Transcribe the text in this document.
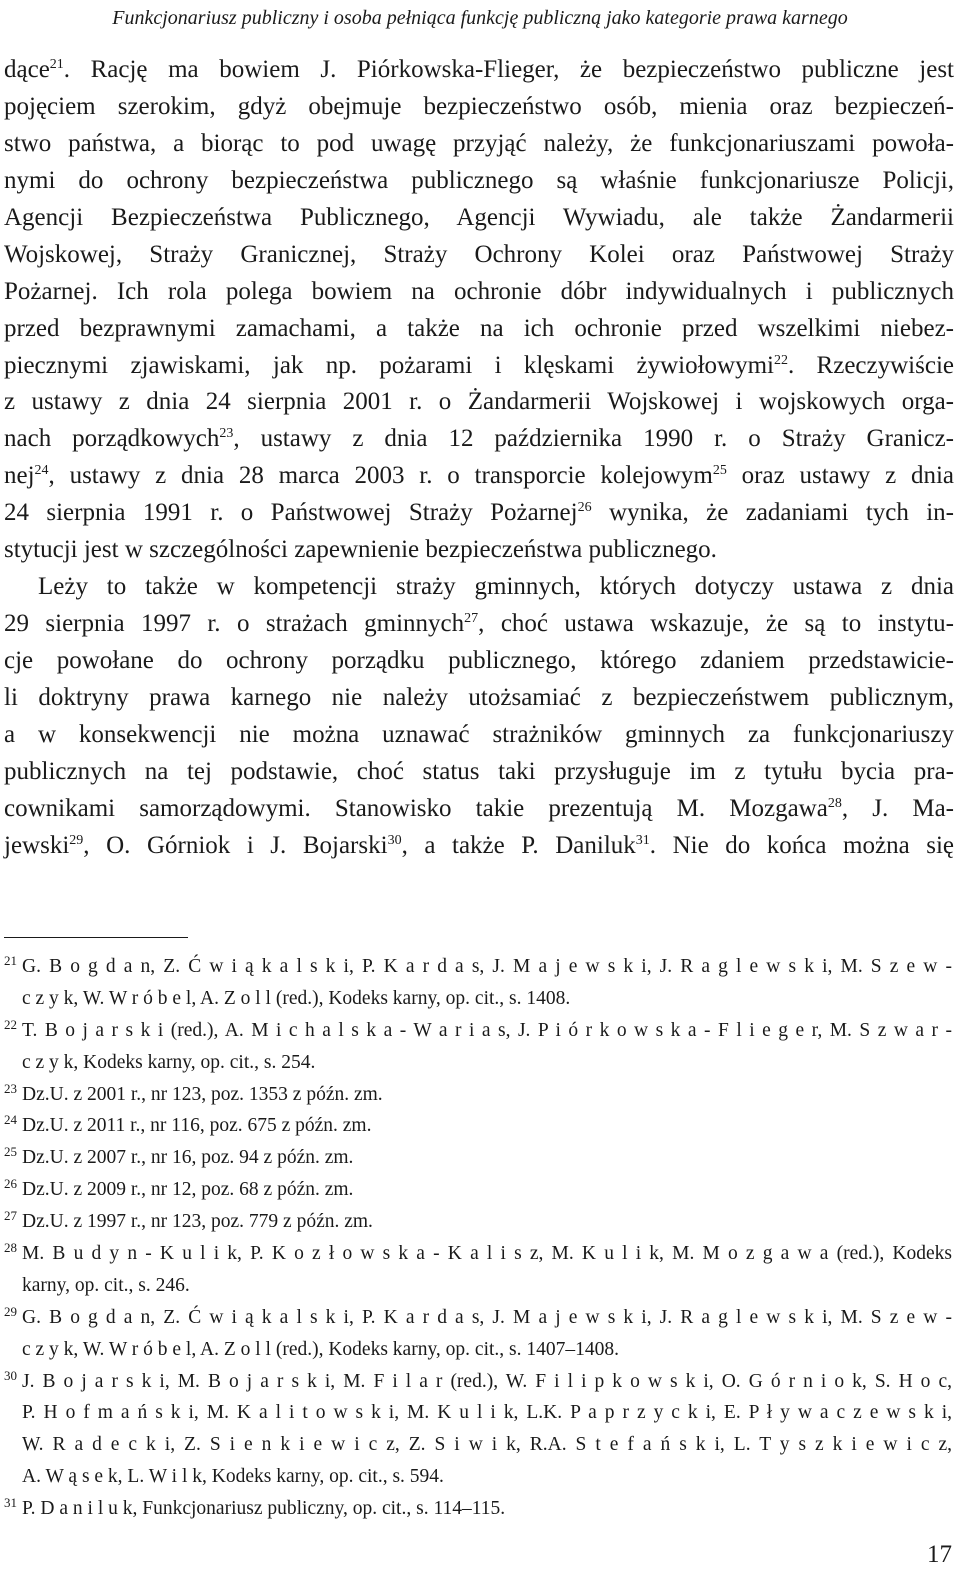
Funkcjonariusz publiczny i osoba pełniąca funkcję publiczną jako kategorie prawa karnego
dące$^{21}$. Rację ma bowiem J. Piórkowska-Flieger, że bezpieczeństwo publiczne jest
pojęciem szerokim, gdyż obejmuje bezpieczeństwo osób, mienia oraz bezpieczeń-
stwo państwa, a biorąc to pod uwagę przyjąć należy, że funkcjonariuszami powoła-
nymi do ochrony bezpieczeństwa publicznego są właśnie funkcjonariusze Policji,
Agencji Bezpieczeństwa Publicznego, Agencji Wywiadu, ale także Żandarmerii
Wojskowej, Straży Granicznej, Straży Ochrony Kolei oraz Państwowej Straży
Pożarnej. Ich rola polega bowiem na ochronie dóbr indywidualnych i publicznych
przed bezprawnymi zamachami, a także na ich ochronie przed wszelkimi niebez-
piecznymi zjawiskami, jak np. pożarami i klęskami żywiołowymi$^{22}$. Rzeczywiście
z ustawy z dnia 24 sierpnia 2001 r. o Żandarmerii Wojskowej i wojskowych orga-
nach porządkowych$^{23}$, ustawy z dnia 12 października 1990 r. o Straży Granicz-
nej$^{24}$, ustawy z dnia 28 marca 2003 r. o transporcie kolejowym$^{25}$ oraz ustawy z dnia
24 sierpnia 1991 r. o Państwowej Straży Pożarnej$^{26}$ wynika, że zadaniami tych in-
stytucji jest w szczególności zapewnienie bezpieczeństwa publicznego.
Leży to także w kompetencji straży gminnych, których dotyczy ustawa z dnia
29 sierpnia 1997 r. o strażach gminnych$^{27}$, choć ustawa wskazuje, że są to instytu-
cje powołane do ochrony porządku publicznego, którego zdaniem przedstawicie-
li doktryny prawa karnego nie należy utożsamiać z bezpieczeństwem publicznym,
a w konsekwencji nie można uznawać strażników gminnych za funkcjonariuszy
publicznych na tej podstawie, choć status taki przysługuje im z tytułu bycia pra-
cownikami samorządowymi. Stanowisko takie prezentują M. Mozgawa$^{28}$, J. Ma-
jewski$^{29}$, O. Górniok i J. Bojarski$^{30}$, a także P. Daniluk$^{31}$. Nie do końca można się
21 G. B o g d a n, Z. Ć w i ą k a l s k i, P. K a r d a s, J. M a j e w s k i, J. R a g l e w s k i, M. S z e w -
c z y k, W. W r ó b e l, A. Z o l l (red.), Kodeks karny, op. cit., s. 1408.
22 T. B o j a r s k i (red.), A. M i c h a l s k a - W a r i a s, J. P i ó r k o w s k a - F l i e g e r, M. S z w a r -
c z y k, Kodeks karny, op. cit., s. 254.
23 Dz.U. z 2001 r., nr 123, poz. 1353 z późn. zm.
24 Dz.U. z 2011 r., nr 116, poz. 675 z późn. zm.
25 Dz.U. z 2007 r., nr 16, poz. 94 z późn. zm.
26 Dz.U. z 2009 r., nr 12, poz. 68 z późn. zm.
27 Dz.U. z 1997 r., nr 123, poz. 779 z późn. zm.
28 M. B u d y n - K u l i k, P. K o z ł o w s k a - K a l i s z, M. K u l i k, M. M o z g a w a (red.), Kodeks
karny, op. cit., s. 246.
29 G. B o g d a n, Z. Ć w i ą k a l s k i, P. K a r d a s, J. M a j e w s k i, J. R a g l e w s k i, M. S z e w -
c z y k, W. W r ó b e l, A. Z o l l (red.), Kodeks karny, op. cit., s. 1407–1408.
30 J. B o j a r s k i, M. B o j a r s k i, M. F i l a r (red.), W. F i l i p k o w s k i, O. G ó r n i o k, S. H o c,
P. H o f m a ń s k i, M. K a l i t o w s k i, M. K u l i k, L.K. P a p r z y c k i, E. P ł y w a c z e w s k i,
W. R a d e c k i, Z. S i e n k i e w i c z, Z. S i w i k, R.A. S t e f a ń s k i, L. T y s z k i e w i c z,
A. W ą s e k, L. W i l k, Kodeks karny, op. cit., s. 594.
31 P. D a n i l u k, Funkcjonariusz publiczny, op. cit., s. 114–115.
17
